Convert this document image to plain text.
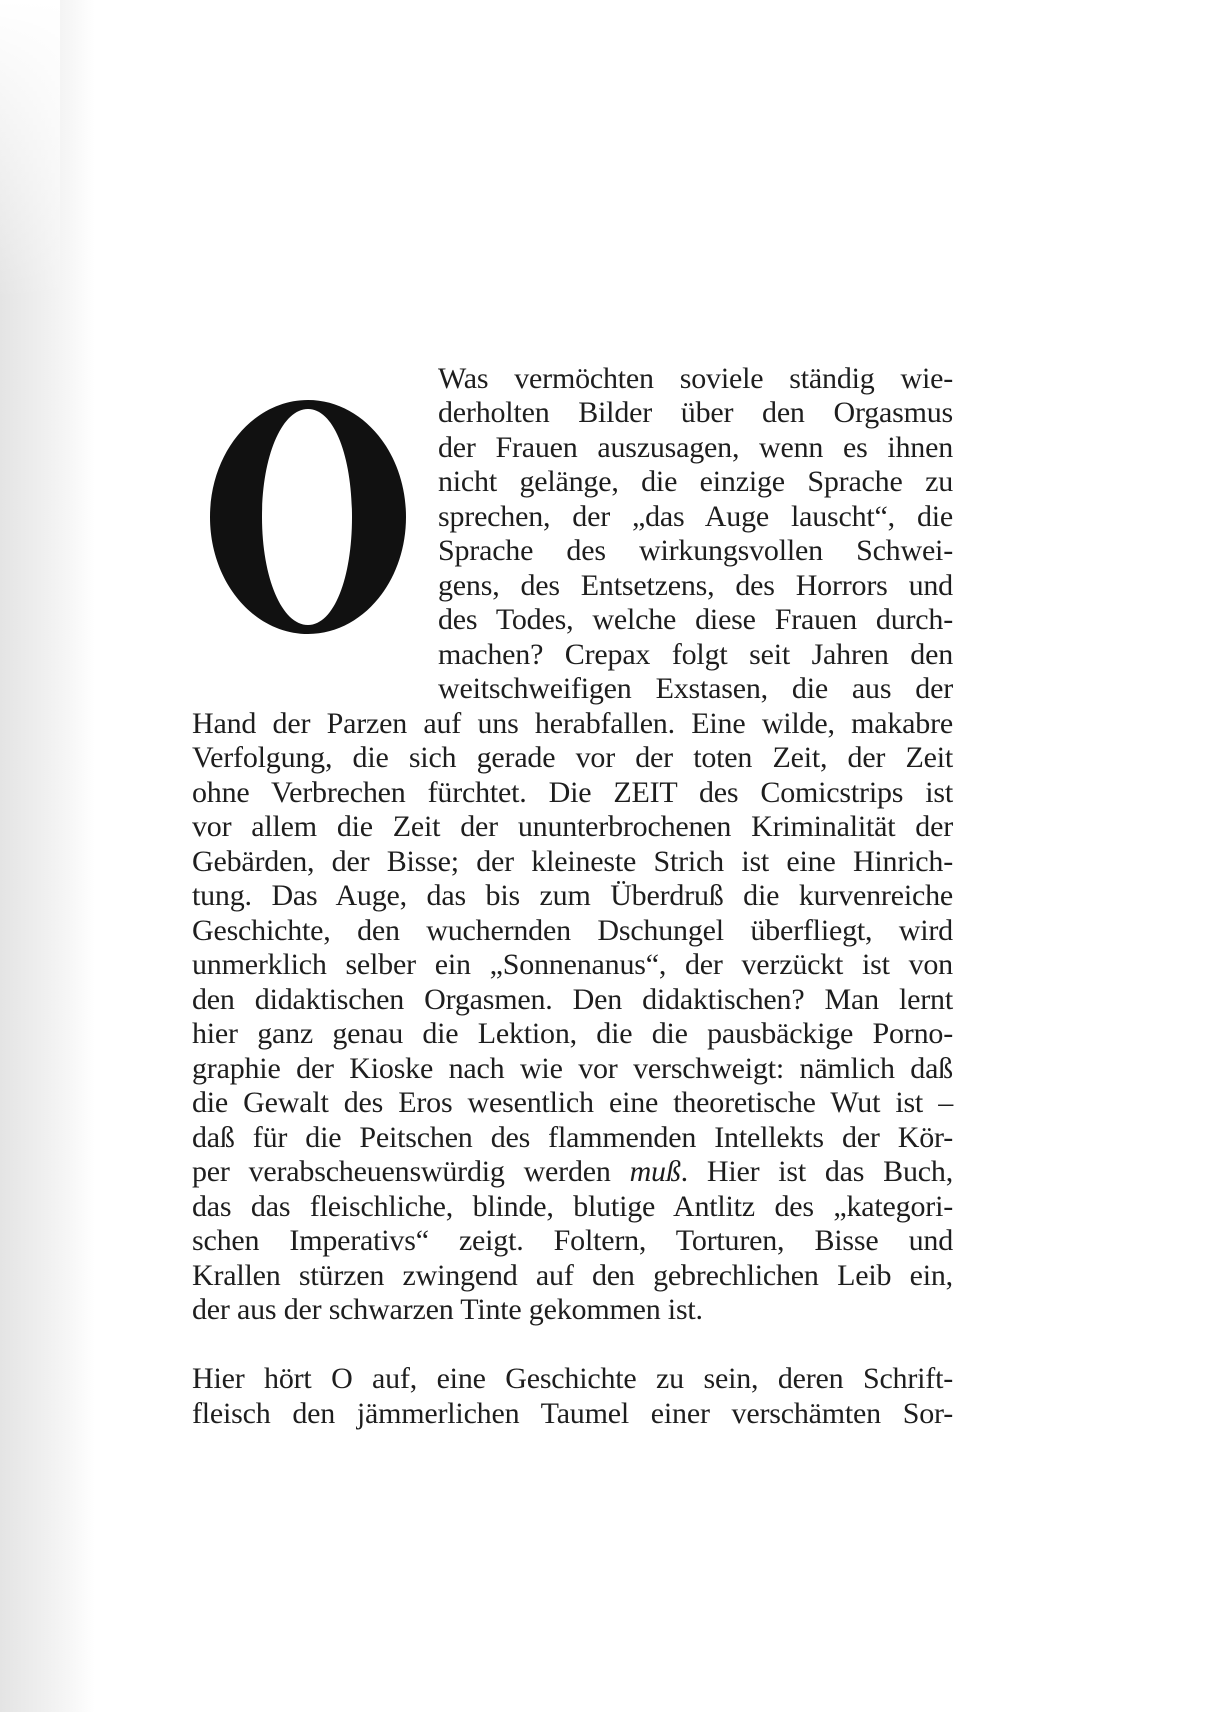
Was vermöchten soviele ständig wie-
derholten Bilder über den Orgasmus
der Frauen auszusagen, wenn es ihnen
nicht gelänge, die einzige Sprache zu
sprechen, der „das Auge lauscht“, die
Sprache des wirkungsvollen Schwei-
gens, des Entsetzens, des Horrors und
des Todes, welche diese Frauen durch-
machen? Crepax folgt seit Jahren den
weitschweifigen Exstasen, die aus der
Hand der Parzen auf uns herabfallen. Eine wilde, makabre
Verfolgung, die sich gerade vor der toten Zeit, der Zeit
ohne Verbrechen fürchtet. Die ZEIT des Comicstrips ist
vor allem die Zeit der ununterbrochenen Kriminalität der
Gebärden, der Bisse; der kleineste Strich ist eine Hinrich-
tung. Das Auge, das bis zum Überdruß die kurvenreiche
Geschichte, den wuchernden Dschungel überfliegt, wird
unmerklich selber ein „Sonnenanus“, der verzückt ist von
den didaktischen Orgasmen. Den didaktischen? Man lernt
hier ganz genau die Lektion, die die pausbäckige Porno-
graphie der Kioske nach wie vor verschweigt: nämlich daß
die Gewalt des Eros wesentlich eine theoretische Wut ist –
daß für die Peitschen des flammenden Intellekts der Kör-
per verabscheuenswürdig werden muß. Hier ist das Buch,
das das fleischliche, blinde, blutige Antlitz des „kategori-
schen Imperativs“ zeigt. Foltern, Torturen, Bisse und
Krallen stürzen zwingend auf den gebrechlichen Leib ein,
der aus der schwarzen Tinte gekommen ist.
Hier hört O auf, eine Geschichte zu sein, deren Schrift-
fleisch den jämmerlichen Taumel einer verschämten Sor-
